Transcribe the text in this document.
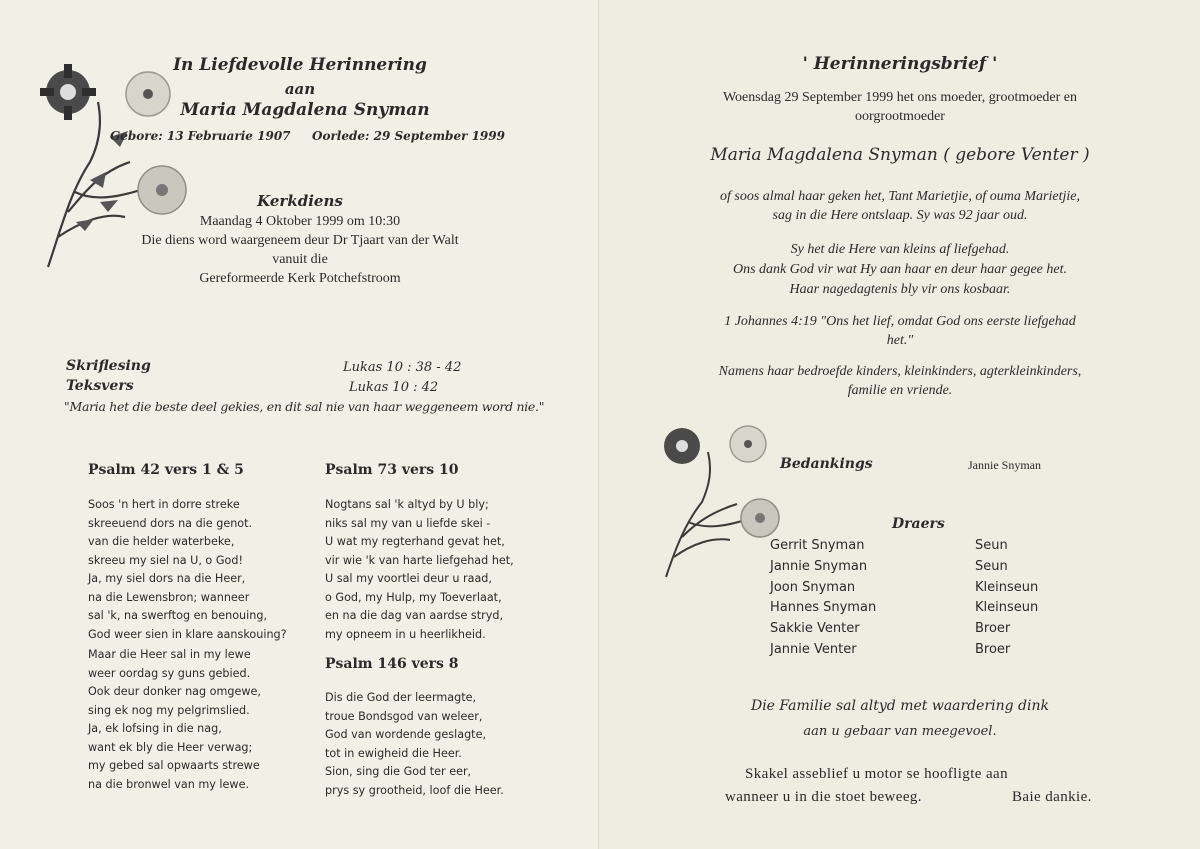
In Liefdevolle Herinnering
aan
Maria Magdalena Snyman
Gebore: 13 Februarie 1907 Oorlede: 29 September 1999
Kerkdiens
Maandag 4 Oktober 1999 om 10:30
Die diens word waargeneem deur Dr Tjaart van der Walt
vanuit die
Gereformeerde Kerk Potchefstroom
Skriflesing	Lukas 10 : 38 - 42
Teksvers	Lukas 10 : 42
"Maria het die beste deel gekies, en dit sal nie van haar weggeneem word nie."
Psalm 42 vers 1 & 5
Soos 'n hert in dorre streke
skreeuend dors na die genot.
van die helder waterbeke,
skreeu my siel na U, o God!
Ja, my siel dors na die Heer,
na die Lewensbron; wanneer
sal 'k, na swerftog en benouing,
God weer sien in klare aanskouing?
Maar die Heer sal in my lewe
weer oordag sy guns gebied.
Ook deur donker nag omgewe,
sing ek nog my pelgrimslied.
Ja, ek lofsing in die nag,
want ek bly die Heer verwag;
my gebed sal opwaarts strewe
na die bronwel van my lewe.
Psalm 73 vers 10
Nogtans sal 'k altyd by U bly;
niks sal my van u liefde skei -
U wat my regterhand gevat het,
vir wie 'k van harte liefgehad het,
U sal my voortlei deur u raad,
o God, my Hulp, my Toeverlaat,
en na die dag van aardse stryd,
my opneem in u heerlikheid.
Psalm 146 vers 8
Dis die God der leermagte,
troue Bondsgod van weleer,
God van wordende geslagte,
tot in ewigheid die Heer.
Sion, sing die God ter eer,
prys sy grootheid, loof die Heer.
' Herinneringsbrief '
Woensdag 29 September 1999 het ons moeder, grootmoeder en
oorgrootmoeder
Maria Magdalena Snyman ( gebore Venter )
of soos almal haar geken het, Tant Marietjie, of ouma Marietjie,
sag in die Here ontslaap. Sy was 92 jaar oud.
Sy het die Here van kleins af liefgehad.
Ons dank God vir wat Hy aan haar en deur haar gegee het.
Haar nagedagtenis bly vir ons kosbaar.
1 Johannes 4:19 "Ons het lief, omdat God ons eerste liefgehad
het."
Namens haar bedroefde kinders, kleinkinders, agterkleinkinders,
familie en vriende.
Bedankings	Jannie Snyman
Draers
Gerrit Snyman	Seun
Jannie Snyman	Seun
Joon Snyman	Kleinseun
Hannes Snyman	Kleinseun
Sakkie Venter	Broer
Jannie Venter	Broer
Die Familie sal altyd met waardering dink
aan u gebaar van meegevoel.
Skakel asseblief u motor se hoofligte aan
wanneer u in die stoet beweeg.	Baie dankie.
